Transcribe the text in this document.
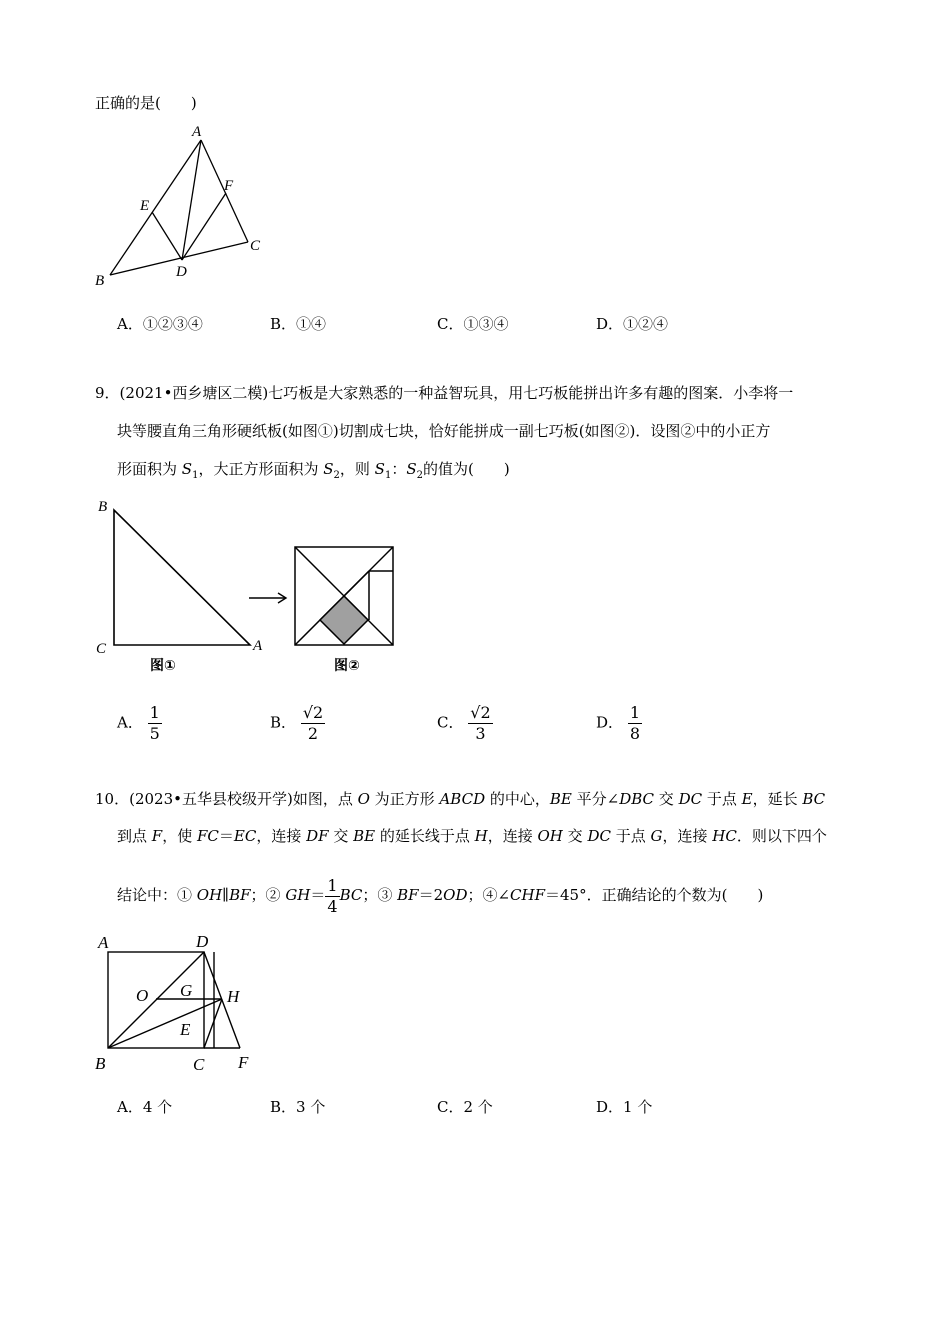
正确的是(　　)
A
E
F
C
D
B
A．①②③④	B．①④	C．①③④	D．①②④
9．(2021•西乡塘区二模)七巧板是大家熟悉的一种益智玩具，用七巧板能拼出许多有趣的图案．小李将一
块等腰直角三角形硬纸板(如图①)切割成七块，恰好能拼成一副七巧板(如图②)．设图②中的小正方
形面积为 $S_1$，大正方形面积为 $S_2$，则 $S_1$：$S_2$的值为(　　)
B
C	A
图①	图②
A． $\frac{1}{5}$	B． $\frac{√2}{2}$	C． $\frac{√2}{3}$	D． $\frac{1}{8}$
10．(2023•五华县校级开学)如图，点 O 为正方形 ABCD 的中心，BE 平分∠DBC 交 DC 于点 E，延长 BC
到点 F，使 FC＝EC，连接 DF 交 BE 的延长线于点 H，连接 OH 交 DC 于点 G，连接 HC．则以下四个
结论中：① OH∥BF；② $GH= \frac{1}{4}$ BC；③ BF＝2OD；④∠CHF＝45°．正确结论的个数为(　　)
A	D
O G H
E
B	C F
A．4 个	B．3 个	C．2 个	D．1 个
